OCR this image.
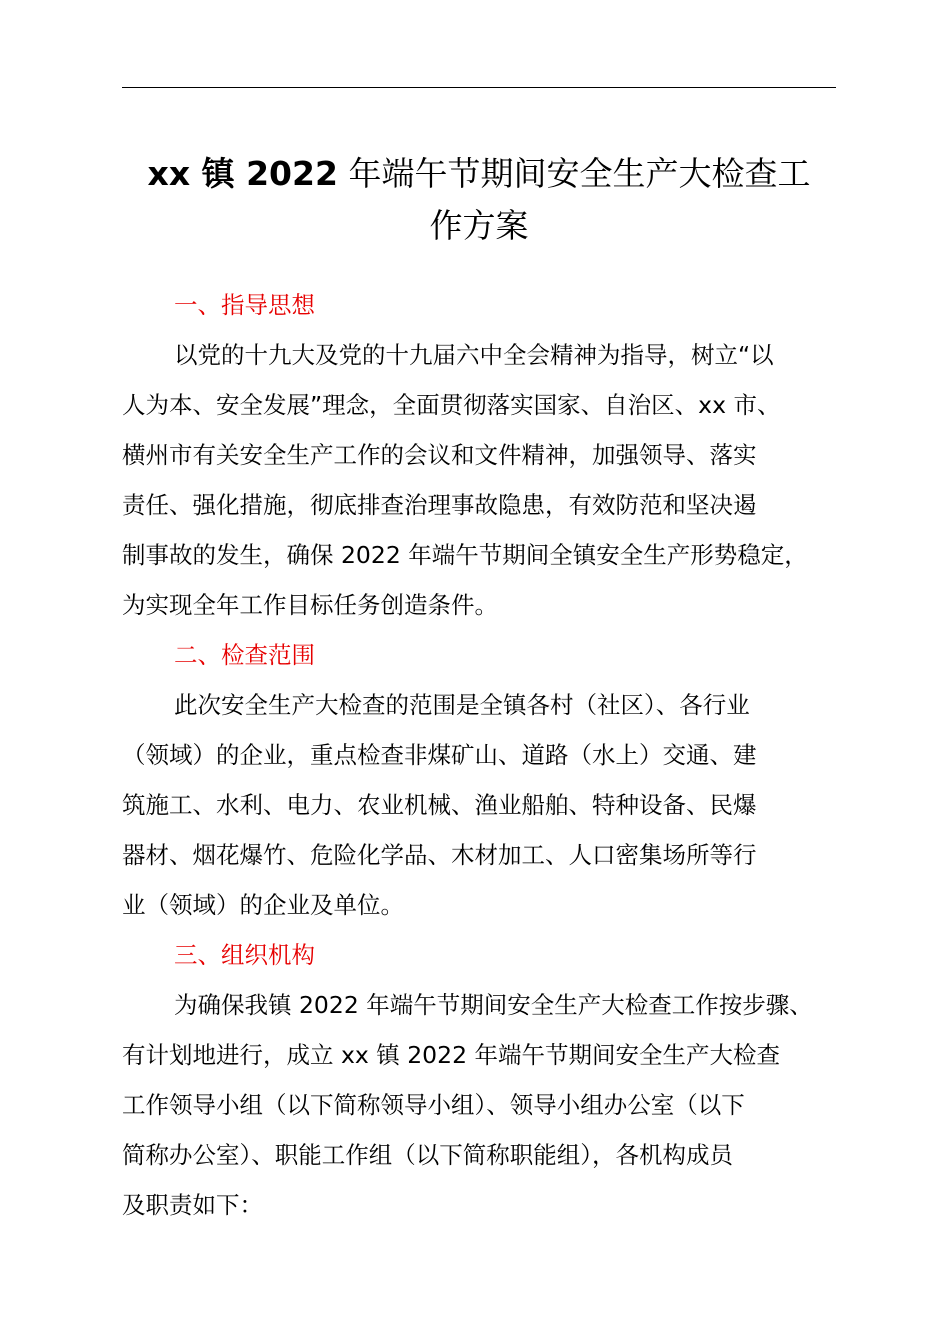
xx 镇 2022 年端午节期间安全生产大检查工
作方案
一、指导思想
以党的十九大及党的十九届六中全会精神为指导，树立“以
人为本、安全发展”理念，全面贯彻落实国家、自治区、xx 市、
横州市有关安全生产工作的会议和文件精神，加强领导、落实
责任、强化措施，彻底排查治理事故隐患，有效防范和坚决遏
制事故的发生，确保 2022 年端午节期间全镇安全生产形势稳定，
为实现全年工作目标任务创造条件。
二、检查范围
此次安全生产大检查的范围是全镇各村（社区）、各行业
（领域）的企业，重点检查非煤矿山、道路（水上）交通、建
筑施工、水利、电力、农业机械、渔业船舶、特种设备、民爆
器材、烟花爆竹、危险化学品、木材加工、人口密集场所等行
业（领域）的企业及单位。
三、组织机构
为确保我镇 2022 年端午节期间安全生产大检查工作按步骤、
有计划地进行，成立 xx 镇 2022 年端午节期间安全生产大检查
工作领导小组（以下简称领导小组）、领导小组办公室（以下
简称办公室）、职能工作组（以下简称职能组），各机构成员
及职责如下：
